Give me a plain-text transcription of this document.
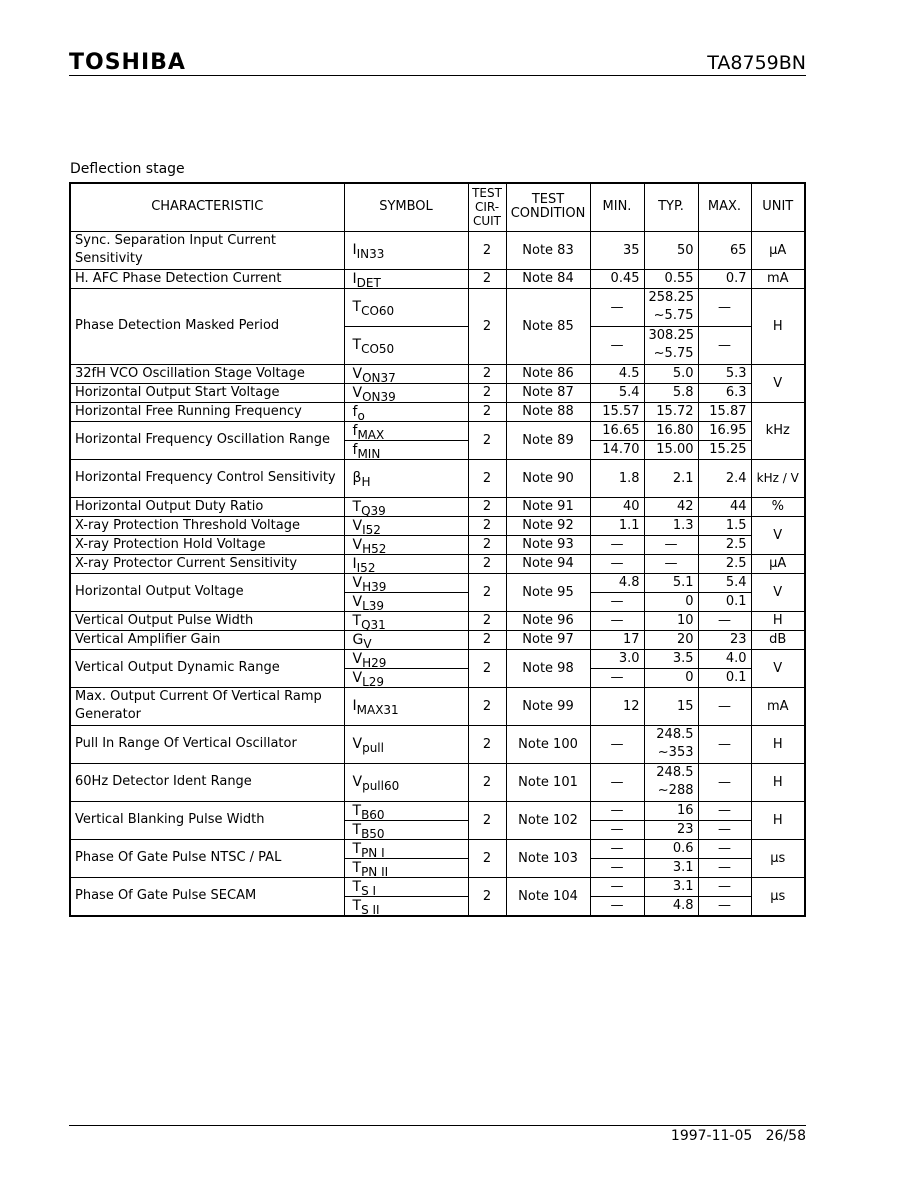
TOSHIBA	TA8759BN
Deflection stage
CHARACTERISTIC	SYMBOL	TEST CIR-CUIT	TEST CONDITION	MIN.	TYP.	MAX.	UNIT
Sync. Separation Input Current Sensitivity	IIN33	2	Note 83	35	50	65	μA
H. AFC Phase Detection Current	IDET	2	Note 84	0.45	0.55	0.7	mA
Phase Detection Masked Period	TCO60	2	Note 85	—	258.25 ~5.75	—	H
	TCO50			—	308.25 ~5.75	—	
32fH VCO Oscillation Stage Voltage	VON37	2	Note 86	4.5	5.0	5.3	V
Horizontal Output Start Voltage	VON39	2	Note 87	5.4	5.8	6.3	
Horizontal Free Running Frequency	fo	2	Note 88	15.57	15.72	15.87	kHz
Horizontal Frequency Oscillation Range	fMAX	2	Note 89	16.65	16.80	16.95	
	fMIN			14.70	15.00	15.25	
Horizontal Frequency Control Sensitivity	βH	2	Note 90	1.8	2.1	2.4	kHz / V
Horizontal Output Duty Ratio	TQ39	2	Note 91	40	42	44	%
X-ray Protection Threshold Voltage	VI52	2	Note 92	1.1	1.3	1.5	V
X-ray Protection Hold Voltage	VH52	2	Note 93	—	—	2.5	
X-ray Protector Current Sensitivity	II52	2	Note 94	—	—	2.5	μA
Horizontal Output Voltage	VH39	2	Note 95	4.8	5.1	5.4	V
	VL39			—	0	0.1	
Vertical Output Pulse Width	TQ31	2	Note 96	—	10	—	H
Vertical Amplifier Gain	GV	2	Note 97	17	20	23	dB
Vertical Output Dynamic Range	VH29	2	Note 98	3.0	3.5	4.0	V
	VL29			—	0	0.1	
Max. Output Current Of Vertical Ramp Generator	IMAX31	2	Note 99	12	15	—	mA
Pull In Range Of Vertical Oscillator	Vpull	2	Note 100	—	248.5 ~353	—	H
60Hz Detector Ident Range	Vpull60	2	Note 101	—	248.5 ~288	—	H
Vertical Blanking Pulse Width	TB60	2	Note 102	—	16	—	H
	TB50			—	23	—	
Phase Of Gate Pulse NTSC / PAL	TPN I	2	Note 103	—	0.6	—	μs
	TPN II			—	3.1	—	
Phase Of Gate Pulse SECAM	TS I	2	Note 104	—	3.1	—	μs
	TS II			—	4.8	—	
1997-11-05 26/58
